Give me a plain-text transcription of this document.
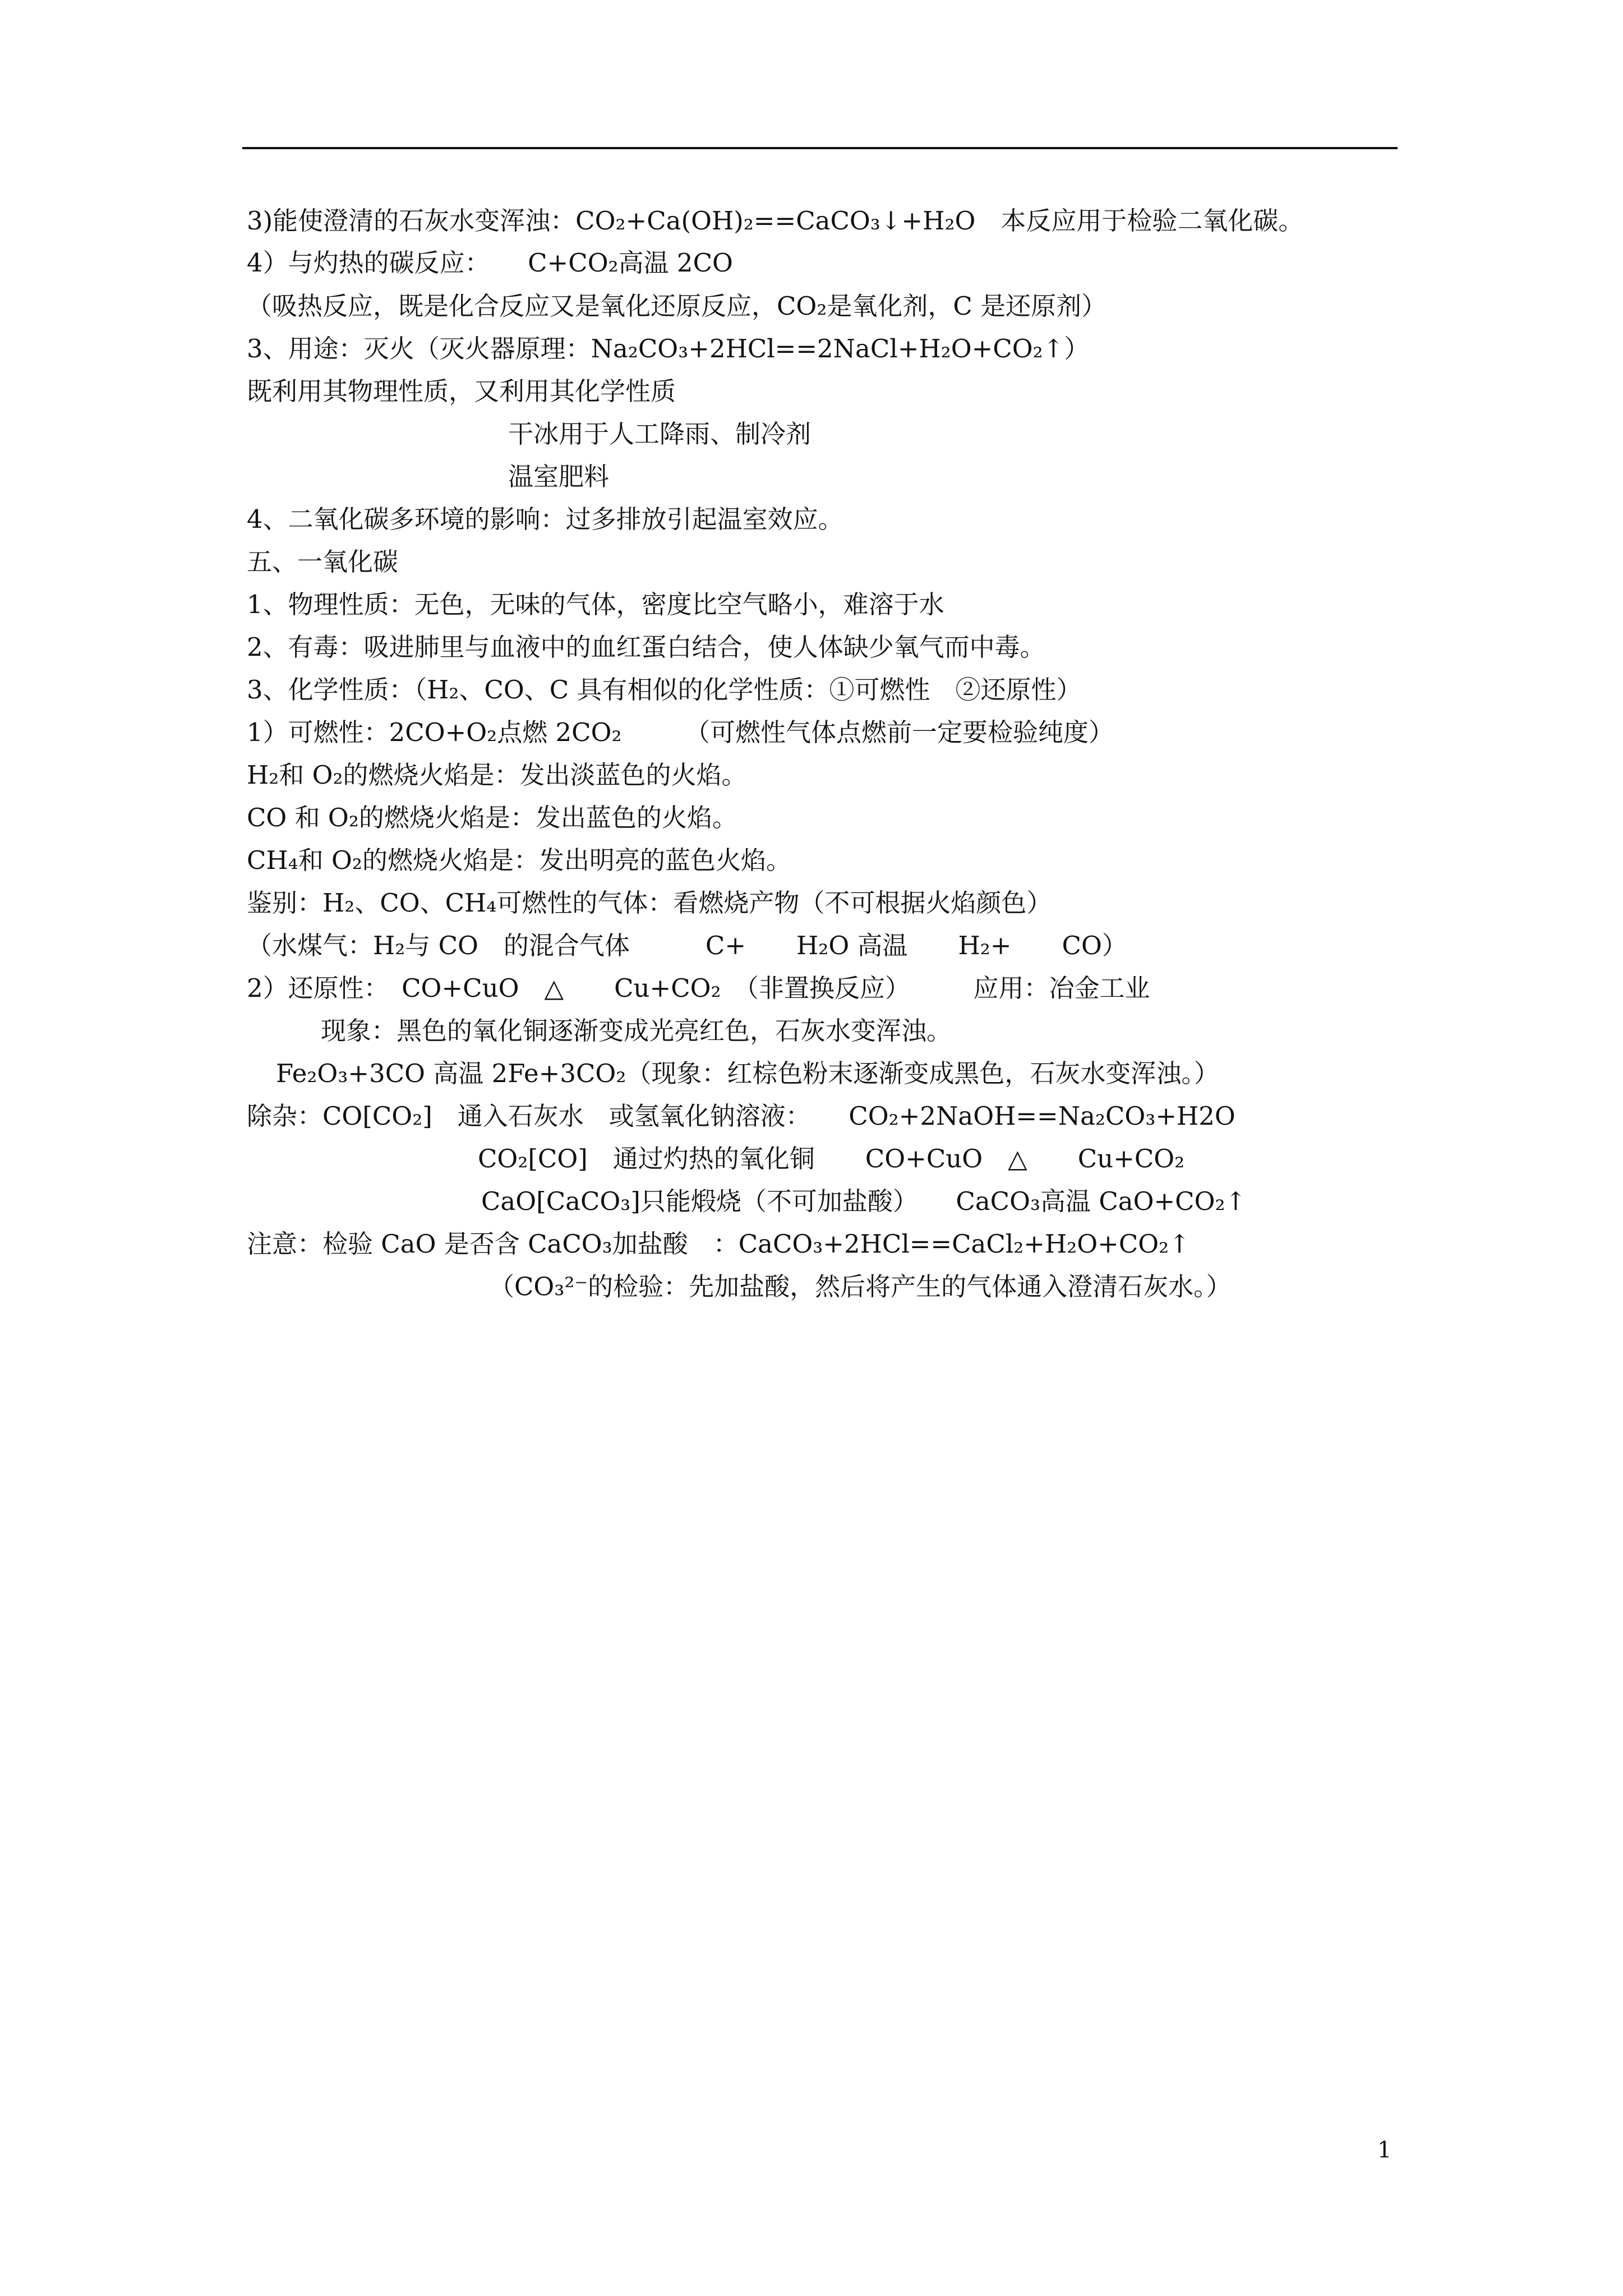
3)能使澄清的石灰水变浑浊：CO₂+Ca(OH)₂==CaCO₃↓+H₂O　本反应用于检验二氧化碳。
4）与灼热的碳反应：　　C+CO₂高温 2CO
（吸热反应，既是化合反应又是氧化还原反应，CO₂是氧化剂，C 是还原剂）
3、用途：灭火（灭火器原理：Na₂CO₃+2HCl==2NaCl+H₂O+CO₂↑）
既利用其物理性质，又利用其化学性质
干冰用于人工降雨、制冷剂
温室肥料
4、二氧化碳多环境的影响：过多排放引起温室效应。
五、一氧化碳
1、物理性质：无色，无味的气体，密度比空气略小，难溶于水
2、有毒：吸进肺里与血液中的血红蛋白结合，使人体缺少氧气而中毒。
3、化学性质：（H₂、CO、C 具有相似的化学性质：①可燃性　②还原性）
1）可燃性：2CO+O₂点燃 2CO₂　　　（可燃性气体点燃前一定要检验纯度）
H₂和 O₂的燃烧火焰是：发出淡蓝色的火焰。
CO 和 O₂的燃烧火焰是：发出蓝色的火焰。
CH₄和 O₂的燃烧火焰是：发出明亮的蓝色火焰。
鉴别：H₂、CO、CH₄可燃性的气体：看燃烧产物（不可根据火焰颜色）
（水煤气：H₂与 CO　的混合气体　　　C+　　H₂O 高温　　H₂+　　CO）
2）还原性：　CO+CuO　△　　Cu+CO₂　（非置换反应）　　　应用：冶金工业
现象：黑色的氧化铜逐渐变成光亮红色，石灰水变浑浊。
Fe₂O₃+3CO 高温 2Fe+3CO₂（现象：红棕色粉末逐渐变成黑色，石灰水变浑浊。）
除杂：CO[CO₂]　通入石灰水　或氢氧化钠溶液：　　CO₂+2NaOH==Na₂CO₃+H2O
CO₂[CO]　通过灼热的氧化铜　　CO+CuO　△　　Cu+CO₂
CaO[CaCO₃]只能煅烧（不可加盐酸）　　CaCO₃高温 CaO+CO₂↑
注意：检验 CaO 是否含 CaCO₃加盐酸　：CaCO₃+2HCl==CaCl₂+H₂O+CO₂↑
（CO₃²⁻的检验：先加盐酸，然后将产生的气体通入澄清石灰水。）
1
